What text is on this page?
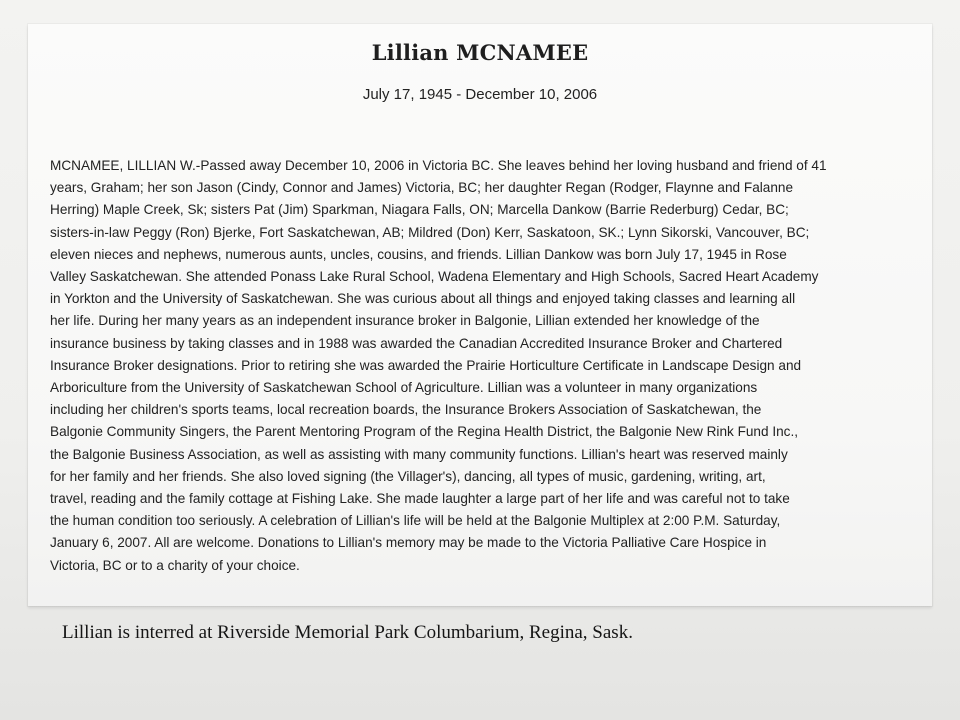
Lillian MCNAMEE
July 17, 1945 - December 10, 2006

MCNAMEE, LILLIAN W.-Passed away December 10, 2006 in Victoria BC. She leaves behind her loving husband and friend of 41
years, Graham; her son Jason (Cindy, Connor and James) Victoria, BC; her daughter Regan (Rodger, Flaynne and Falanne
Herring) Maple Creek, Sk; sisters Pat (Jim) Sparkman, Niagara Falls, ON; Marcella Dankow (Barrie Rederburg) Cedar, BC;
sisters-in-law Peggy (Ron) Bjerke, Fort Saskatchewan, AB; Mildred (Don) Kerr, Saskatoon, SK.; Lynn Sikorski, Vancouver, BC;
eleven nieces and nephews, numerous aunts, uncles, cousins, and friends. Lillian Dankow was born July 17, 1945 in Rose
Valley Saskatchewan. She attended Ponass Lake Rural School, Wadena Elementary and High Schools, Sacred Heart Academy
in Yorkton and the University of Saskatchewan. She was curious about all things and enjoyed taking classes and learning all
her life. During her many years as an independent insurance broker in Balgonie, Lillian extended her knowledge of the
insurance business by taking classes and in 1988 was awarded the Canadian Accredited Insurance Broker and Chartered
Insurance Broker designations. Prior to retiring she was awarded the Prairie Horticulture Certificate in Landscape Design and
Arboriculture from the University of Saskatchewan School of Agriculture. Lillian was a volunteer in many organizations
including her children's sports teams, local recreation boards, the Insurance Brokers Association of Saskatchewan, the
Balgonie Community Singers, the Parent Mentoring Program of the Regina Health District, the Balgonie New Rink Fund Inc.,
the Balgonie Business Association, as well as assisting with many community functions. Lillian's heart was reserved mainly
for her family and her friends. She also loved signing (the Villager's), dancing, all types of music, gardening, writing, art,
travel, reading and the family cottage at Fishing Lake. She made laughter a large part of her life and was careful not to take
the human condition too seriously. A celebration of Lillian's life will be held at the Balgonie Multiplex at 2:00 P.M. Saturday,
January 6, 2007. All are welcome. Donations to Lillian's memory may be made to the Victoria Palliative Care Hospice in
Victoria, BC or to a charity of your choice.

Lillian is interred at Riverside Memorial Park Columbarium, Regina, Sask.
